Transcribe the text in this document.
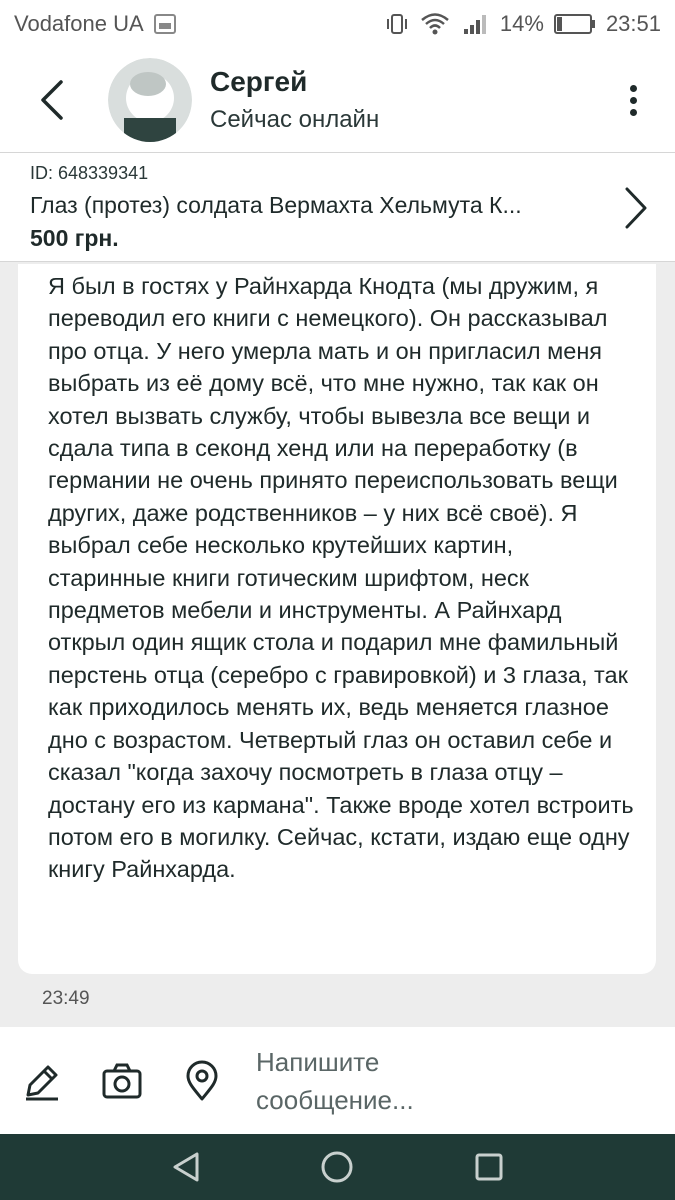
Vodafone UA	14%	23:51
Сергей
Сейчас онлайн
ID: 648339341
Глаз (протез) солдата Вермахта Хельмута К...
500 грн.
Я был в гостях у Райнхарда Кнодта (мы дружим, я переводил его книги с немецкого). Он рассказывал про отца. У него умерла мать и он пригласил меня выбрать из её дому всё, что мне нужно, так как он хотел вызвать службу, чтобы вывезла все вещи и сдала типа в секонд хенд или на переработку (в германии не очень принято переиспользовать вещи других, даже родственников – у них всё своё). Я выбрал себе несколько крутейших картин, старинные книги готическим шрифтом, неск предметов мебели и инструменты. А Райнхард открыл один ящик стола и подарил мне фамильный перстень отца (серебро с гравировкой) и 3 глаза, так как приходилось менять их, ведь меняется глазное дно с возрастом. Четвертый глаз он оставил себе и сказал "когда захочу посмотреть в глаза отцу – достану его из кармана". Также вроде хотел встроить потом его в могилку. Сейчас, кстати, издаю еще одну книгу Райнхарда.
23:49
Напишите сообщение...
